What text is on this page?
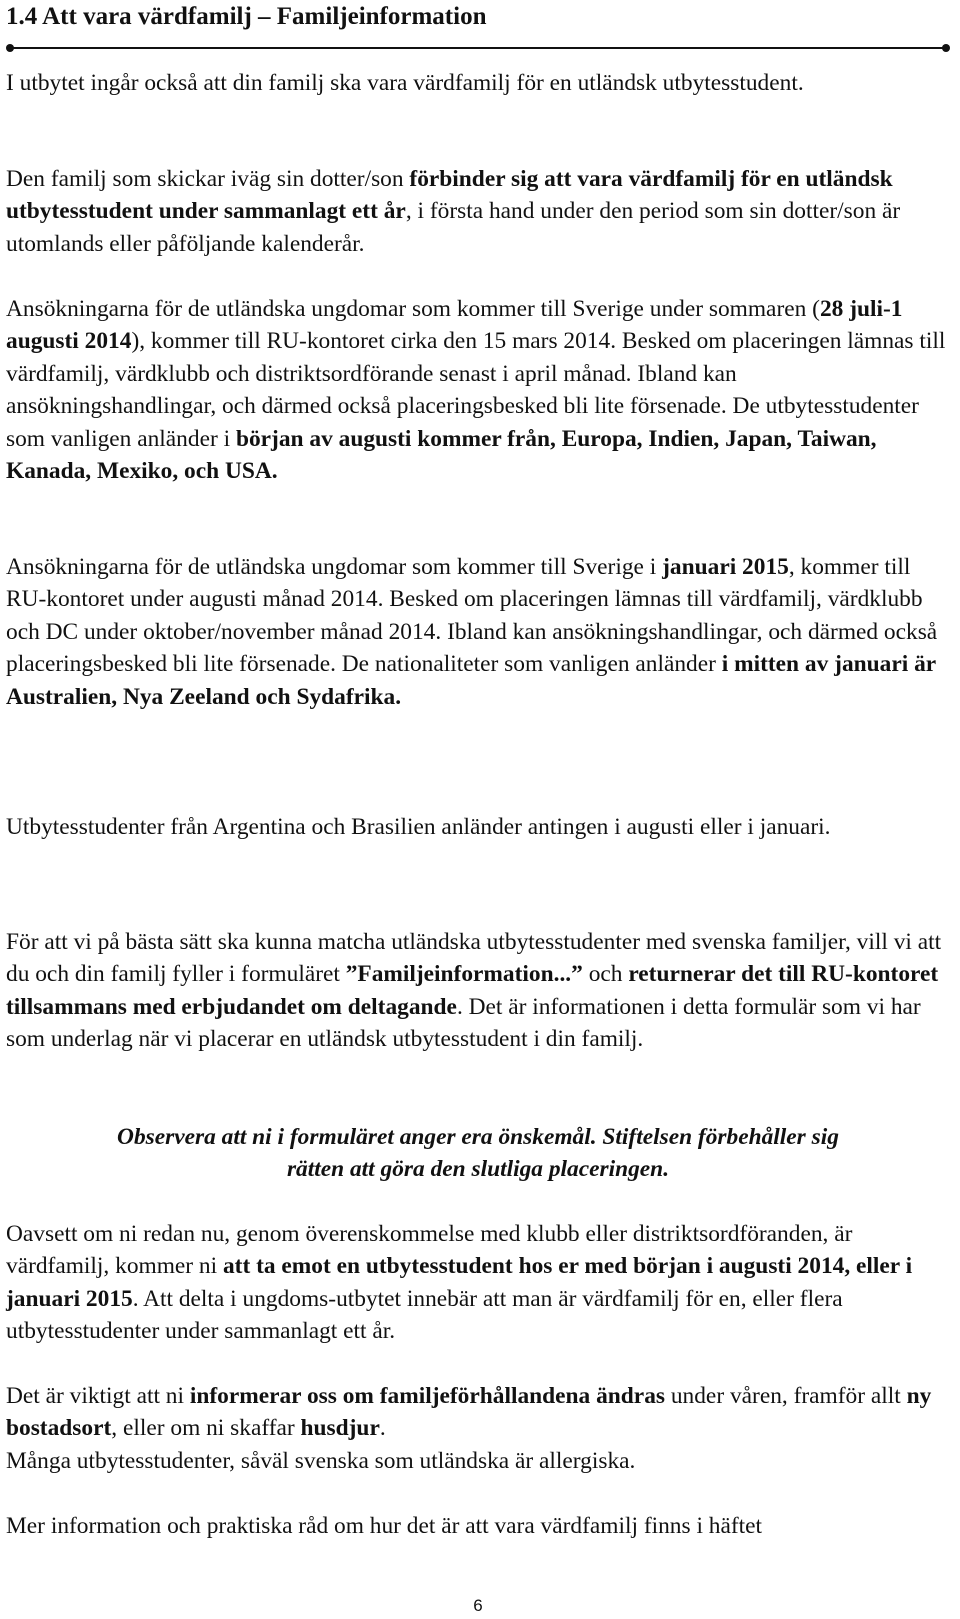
1.4 Att vara värdfamilj – Familjeinformation

I utbytet ingår också att din familj ska vara värdfamilj för en utländsk utbytesstudent.

Den familj som skickar iväg sin dotter/son förbinder sig att vara värdfamilj för en utländsk utbytesstudent under sammanlagt ett år, i första hand under den period som sin dotter/son är utomlands eller påföljande kalenderår.

Ansökningarna för de utländska ungdomar som kommer till Sverige under sommaren (28 juli-1 augusti 2014), kommer till RU-kontoret cirka den 15 mars 2014. Besked om placeringen lämnas till värdfamilj, värdklubb och distriktsordförande senast i april månad. Ibland kan ansökningshandlingar, och därmed också placeringsbesked bli lite försenade. De utbytesstudenter som vanligen anländer i början av augusti kommer från, Europa, Indien, Japan, Taiwan, Kanada, Mexiko, och USA.

Ansökningarna för de utländska ungdomar som kommer till Sverige i januari 2015, kommer till RU-kontoret under augusti månad 2014. Besked om placeringen lämnas till värdfamilj, värdklubb och DC under oktober/november månad 2014. Ibland kan ansökningshandlingar, och därmed också placeringsbesked bli lite försenade. De nationaliteter som vanligen anländer i mitten av januari är Australien, Nya Zeeland och Sydafrika.

Utbytesstudenter från Argentina och Brasilien anländer antingen i augusti eller i januari.

För att vi på bästa sätt ska kunna matcha utländska utbytesstudenter med svenska familjer, vill vi att du och din familj fyller i formuläret ”Familjeinformation...” och returnerar det till RU-kontoret tillsammans med erbjudandet om deltagande. Det är informationen i detta formulär som vi har som underlag när vi placerar en utländsk utbytesstudent i din familj.

Observera att ni i formuläret anger era önskemål. Stiftelsen förbehåller sig
rätten att göra den slutliga placeringen.

Oavsett om ni redan nu, genom överenskommelse med klubb eller distriktsordföranden, är värdfamilj, kommer ni att ta emot en utbytesstudent hos er med början i augusti 2014, eller i januari 2015. Att delta i ungdoms-utbytet innebär att man är värdfamilj för en, eller flera utbytesstudenter under sammanlagt ett år.

Det är viktigt att ni informerar oss om familjeförhållandena ändras under våren, framför allt ny bostadsort, eller om ni skaffar husdjur.

Många utbytesstudenter, såväl svenska som utländska är allergiska.

Mer information och praktiska råd om hur det är att vara värdfamilj finns i häftet

6
